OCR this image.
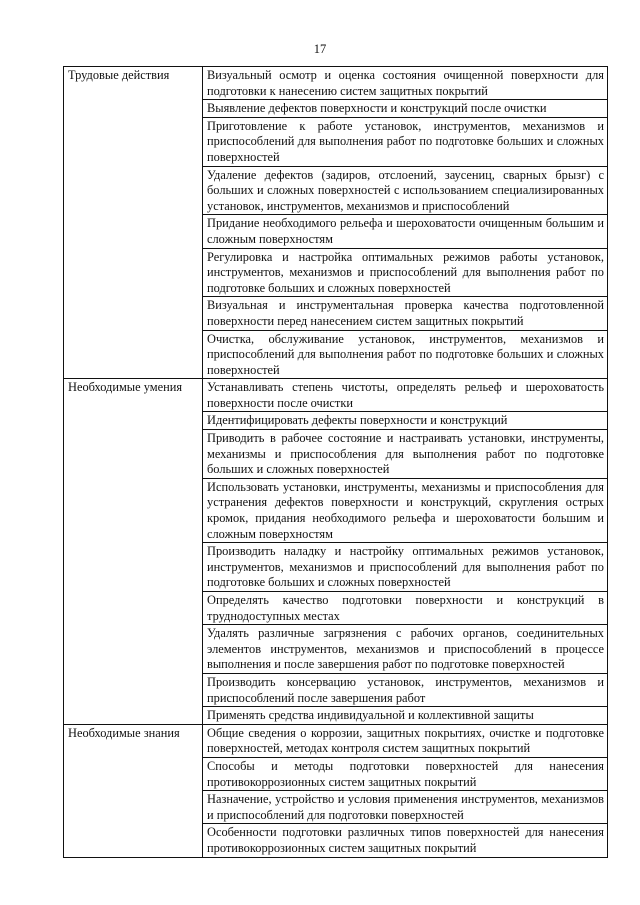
17
Трудовые действия	Визуальный осмотр и оценка состояния очищенной поверхности для подготовки к нанесению систем защитных покрытий
	Выявление дефектов поверхности и конструкций после очистки
	Приготовление к работе установок, инструментов, механизмов и приспособлений для выполнения работ по подготовке больших и сложных поверхностей
	Удаление дефектов (задиров, отслоений, заусениц, сварных брызг) с больших и сложных поверхностей с использованием специализированных установок, инструментов, механизмов и приспособлений
	Придание необходимого рельефа и шероховатости очищенным большим и сложным поверхностям
	Регулировка и настройка оптимальных режимов работы установок, инструментов, механизмов и приспособлений для выполнения работ по подготовке больших и сложных поверхностей
	Визуальная и инструментальная проверка качества подготовленной поверхности перед нанесением систем защитных покрытий
	Очистка, обслуживание установок, инструментов, механизмов и приспособлений для выполнения работ по подготовке больших и сложных поверхностей
Необходимые умения	Устанавливать степень чистоты, определять рельеф и шероховатость поверхности после очистки
	Идентифицировать дефекты поверхности и конструкций
	Приводить в рабочее состояние и настраивать установки, инструменты, механизмы и приспособления для выполнения работ по подготовке больших и сложных поверхностей
	Использовать установки, инструменты, механизмы и приспособления для устранения дефектов поверхности и конструкций, скругления острых кромок, придания необходимого рельефа и шероховатости большим и сложным поверхностям
	Производить наладку и настройку оптимальных режимов установок, инструментов, механизмов и приспособлений для выполнения работ по подготовке больших и сложных поверхностей
	Определять качество подготовки поверхности и конструкций в труднодоступных местах
	Удалять различные загрязнения с рабочих органов, соединительных элементов инструментов, механизмов и приспособлений в процессе выполнения и после завершения работ по подготовке поверхностей
	Производить консервацию установок, инструментов, механизмов и приспособлений после завершения работ
	Применять средства индивидуальной и коллективной защиты
Необходимые знания	Общие сведения о коррозии, защитных покрытиях, очистке и подготовке поверхностей, методах контроля систем защитных покрытий
	Способы и методы подготовки поверхностей для нанесения противокоррозионных систем защитных покрытий
	Назначение, устройство и условия применения инструментов, механизмов и приспособлений для подготовки поверхностей
	Особенности подготовки различных типов поверхностей для нанесения противокоррозионных систем защитных покрытий
